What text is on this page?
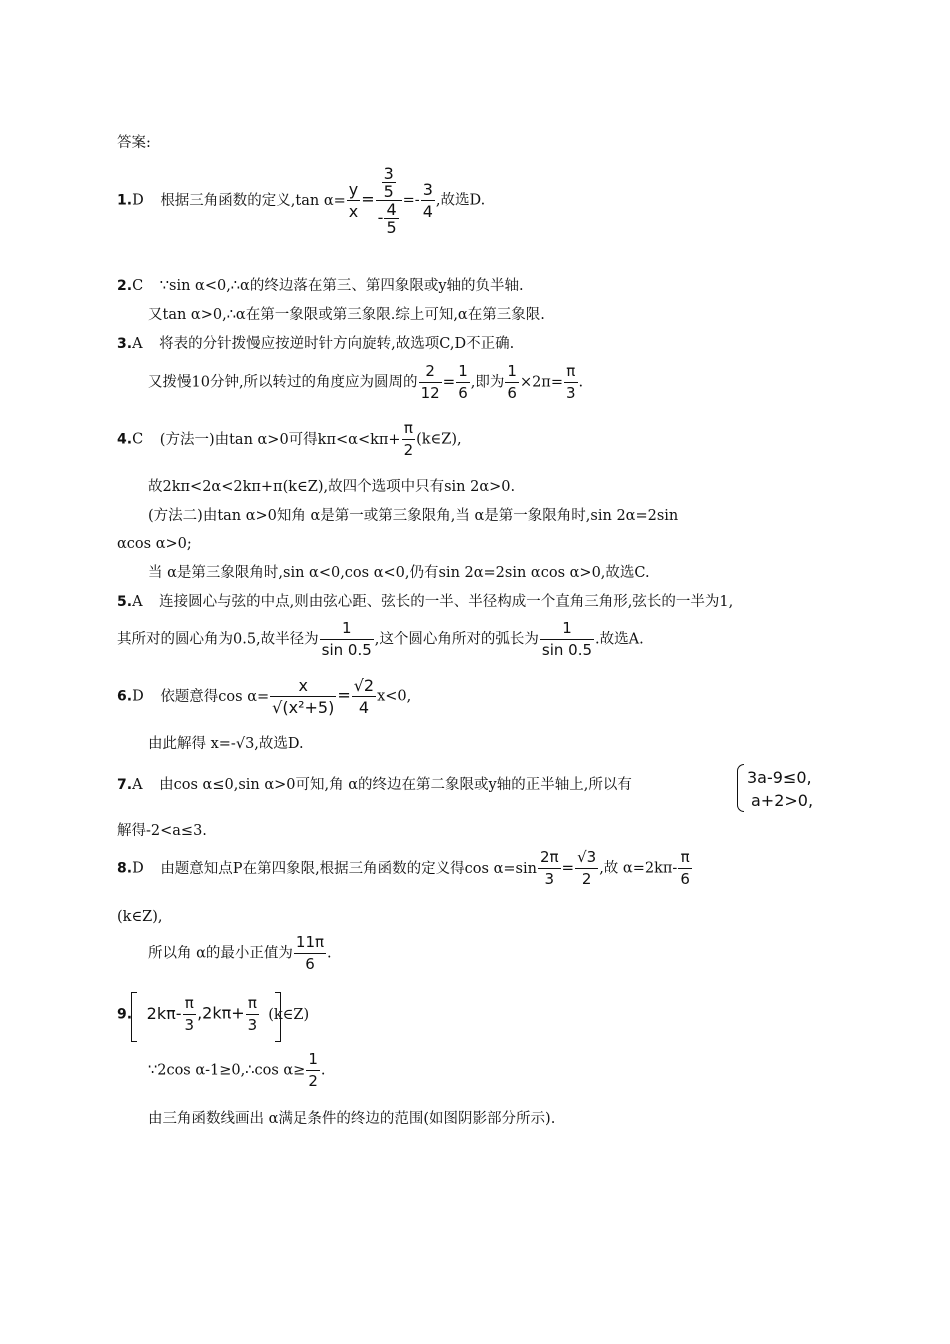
答案:
1.D 根据三角函数的定义,tan $\alpha= \frac{y}{x} = \frac{\frac{3}{5}}{- \frac{4}{5}} =- \frac{3}{4}$ ,故选D.
2.C ∵sin α<0,∴α的终边落在第三、第四象限或y轴的负半轴.
又tan α>0,∴α在第一象限或第三象限.综上可知,α在第三象限.
3.A 将表的分针拨慢应按逆时针方向旋转,故选项C,D不正确.
又拨慢10分钟,所以转过的角度应为圆周的 $\frac{2}{12} = \frac{1}{6}$ ,即为 $\frac{1}{6} \times 2\pi= \frac{\pi}{3}$ .
4.C (方法一)由tan α>0可得$k\pi<\alpha<k\pi+ \frac{\pi}{2}$ (k∈Z),
故2kπ<2α<2kπ+π(k∈Z),故四个选项中只有sin 2α>0.
(方法二)由tan α>0知角 α是第一或第三象限角,当 α是第一象限角时,sin 2α=2sin
αcos α>0;
当 α是第三象限角时,sin α<0,cos α<0,仍有sin 2α=2sin αcos α>0,故选C.
5.A 连接圆心与弦的中点,则由弦心距、弦长的一半、半径构成一个直角三角形,弦长的一半为1,
其所对的圆心角为0.5,故半径为 $\frac{1}{\sin 0.5}$ ,这个圆心角所对的弧长为 $\frac{1}{\sin 0.5}$ .故选A.
6.D 依题意得$\cos \alpha= \frac{x}{\text{√(x²+5)}} = \frac{√2}{4} x<0$,
由此解得 x=-√3,故选D.
7.A 由cos α≤0,sin α>0可知,角 α的终边在第二象限或y轴的正半轴上,所以有	3a-9≤0,
a+2>0,
解得-2<a≤3.
8.D 由题意知点P在第四象限,根据三角函数的定义得$\cos \alpha=\sin \frac{2\pi}{3} = \frac{√3}{2}$ ,故 $\alpha=2k\pi- \frac{\pi}{6}$
(k∈Z),
所以角 α的最小正值为 $\frac{11\pi}{6}$ .
9. $2k\pi- \frac{\pi}{3} ,2k\pi+ \frac{\pi}{3}$ (k∈Z)
∵2cos α-1≥0,∴cos $\alpha\ge \frac{1}{2}$ .
由三角函数线画出 α满足条件的终边的范围(如图阴影部分所示).
